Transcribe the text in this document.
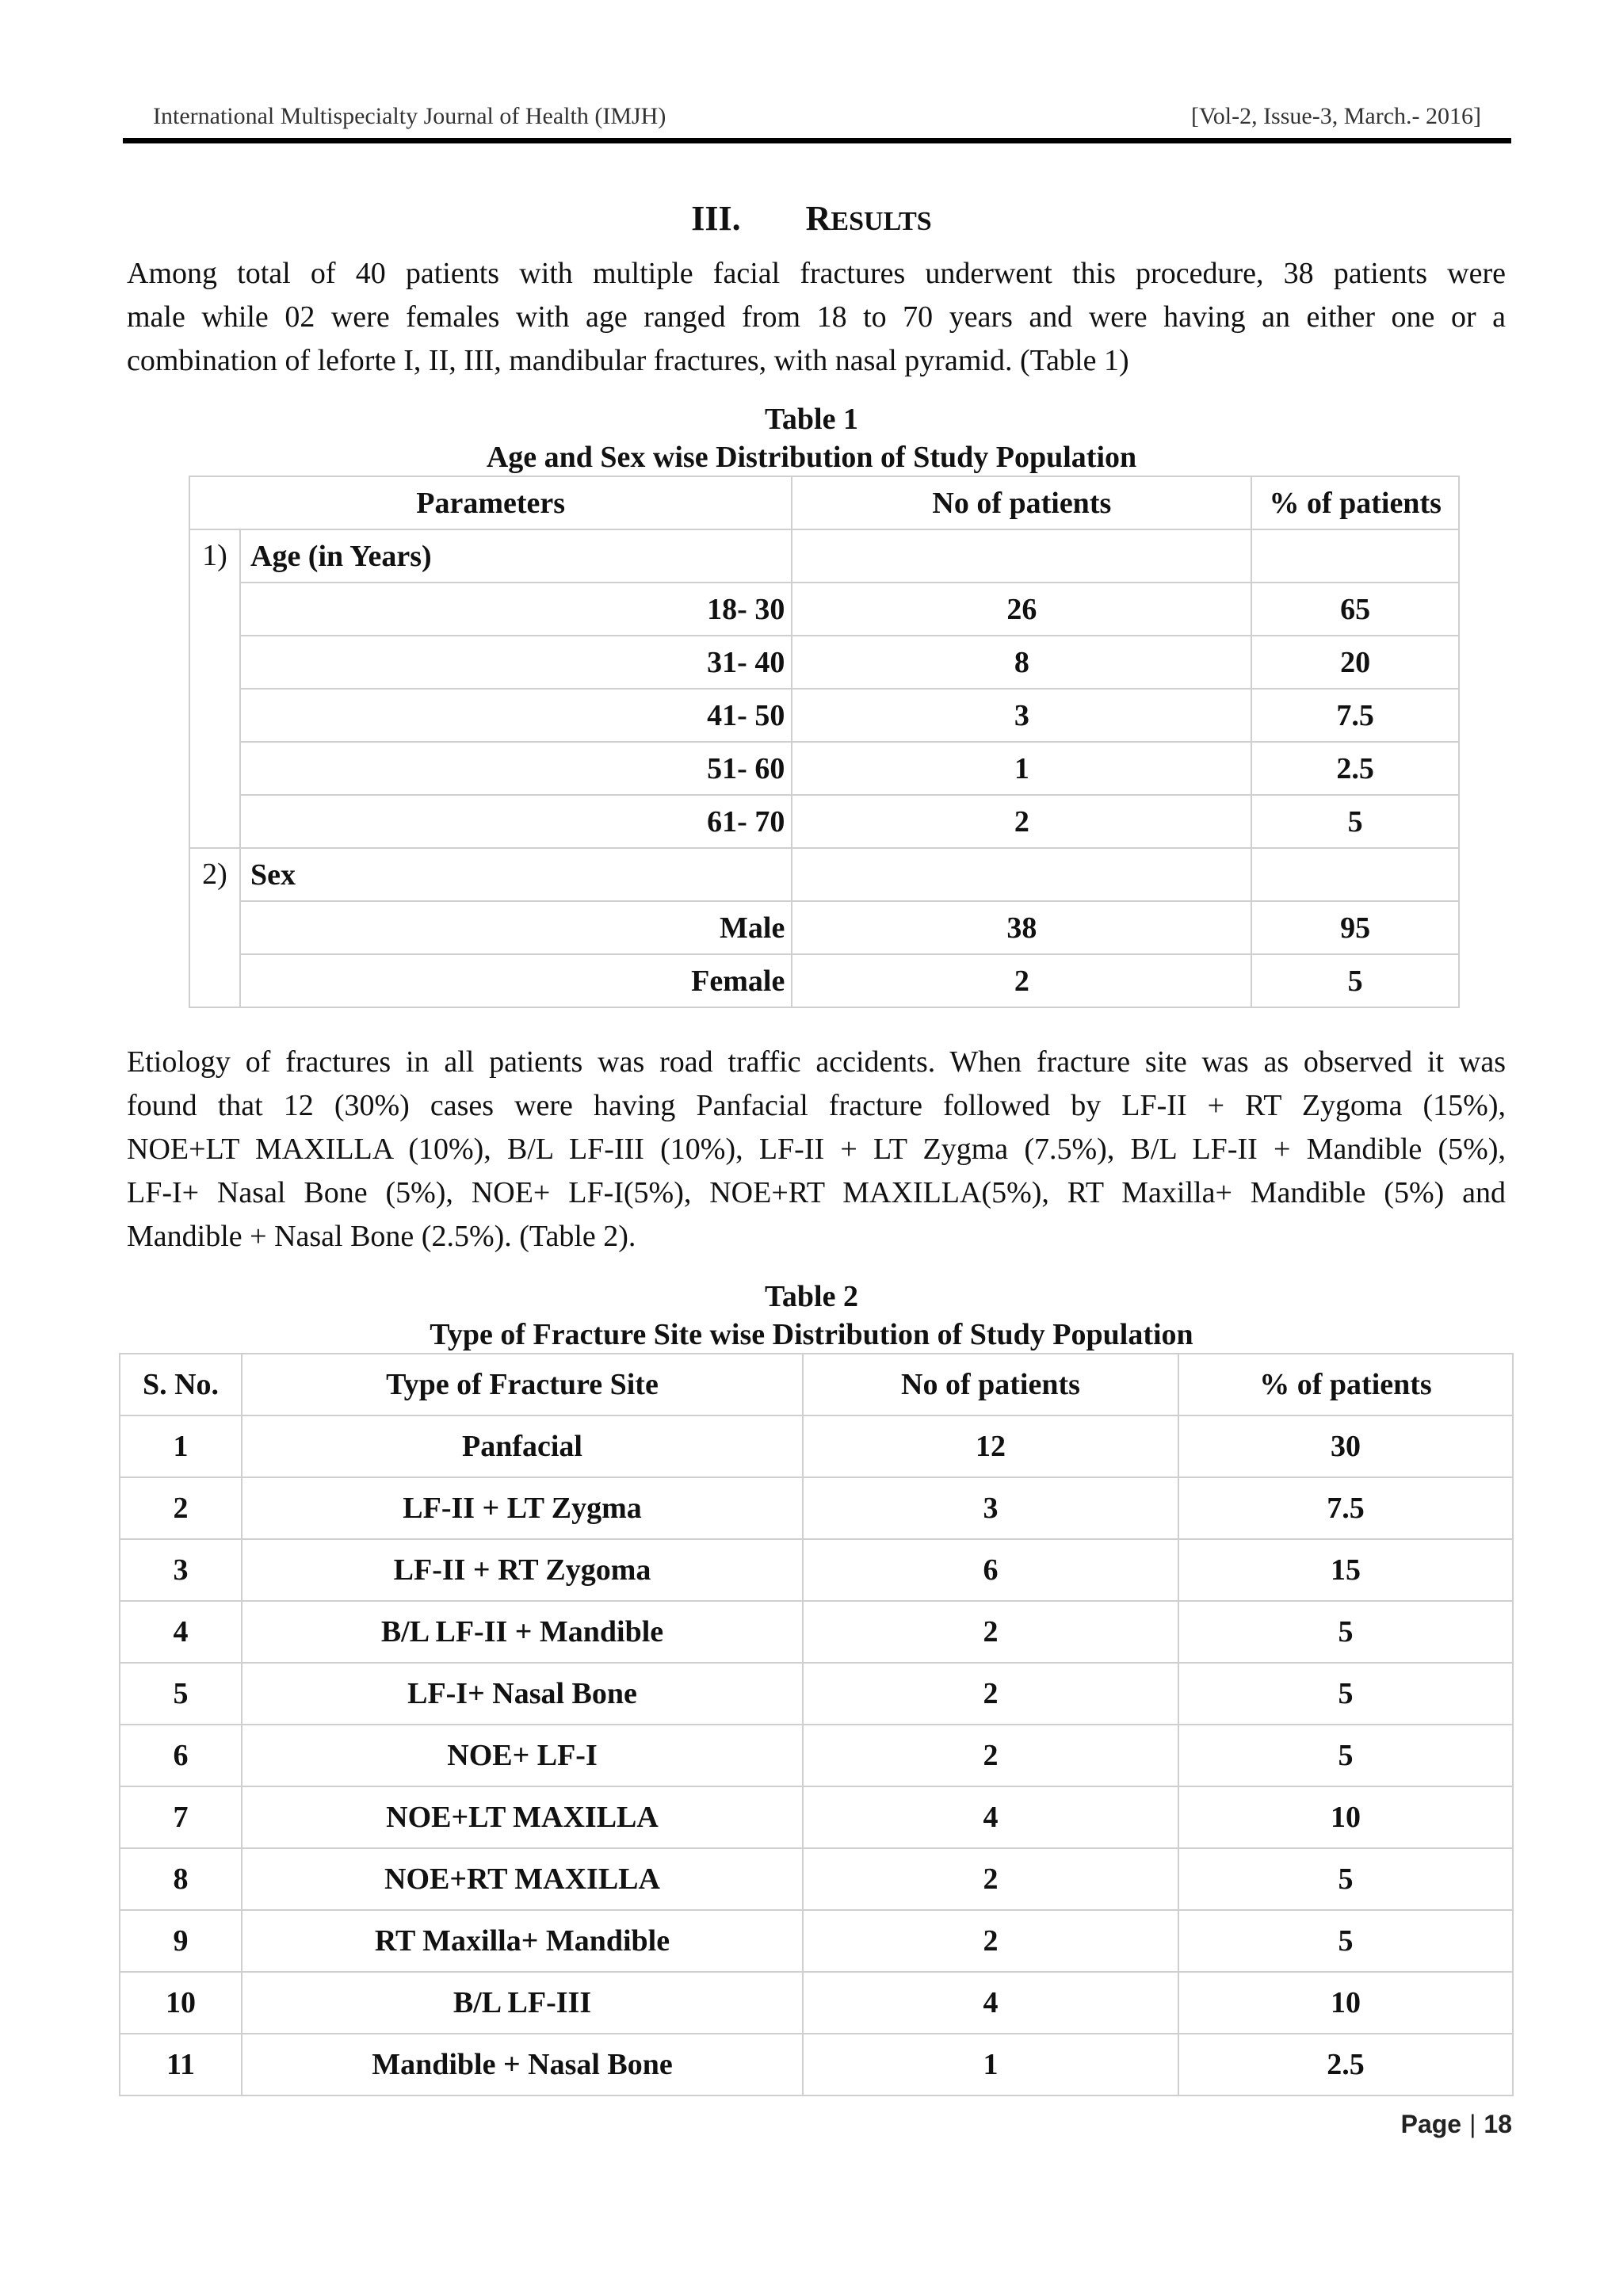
International Multispecialty Journal of Health (IMJH)	[Vol-2, Issue-3, March.- 2016]
III. RESULTS
Among total of 40 patients with multiple facial fractures underwent this procedure, 38 patients were
male while 02 were females with age ranged from 18 to 70 years and were having an either one or a
combination of leforte I, II, III, mandibular fractures, with nasal pyramid. (Table 1)
Table 1
Age and Sex wise Distribution of Study Population
Parameters		No of patients	% of patients
1)	Age (in Years)		
	18- 30	26	65
	31- 40	8	20
	41- 50	3	7.5
	51- 60	1	2.5
	61- 70	2	5
2)	Sex		
	Male	38	95
	Female	2	5
Etiology of fractures in all patients was road traffic accidents. When fracture site was as observed it was
found that 12 (30%) cases were having Panfacial fracture followed by LF-II + RT Zygoma (15%),
NOE+LT MAXILLA (10%), B/L LF-III (10%), LF-II + LT Zygma (7.5%), B/L LF-II + Mandible (5%),
LF-I+ Nasal Bone (5%), NOE+ LF-I(5%), NOE+RT MAXILLA(5%), RT Maxilla+ Mandible (5%) and
Mandible + Nasal Bone (2.5%). (Table 2).
Table 2
Type of Fracture Site wise Distribution of Study Population
S. No.	Type of Fracture Site	No of patients	% of patients
1	Panfacial	12	30
2	LF-II + LT Zygma	3	7.5
3	LF-II + RT Zygoma	6	15
4	B/L LF-II + Mandible	2	5
5	LF-I+ Nasal Bone	2	5
6	NOE+ LF-I	2	5
7	NOE+LT MAXILLA	4	10
8	NOE+RT MAXILLA	2	5
9	RT Maxilla+ Mandible	2	5
10	B/L LF-III	4	10
11	Mandible + Nasal Bone	1	2.5
Page | 18
